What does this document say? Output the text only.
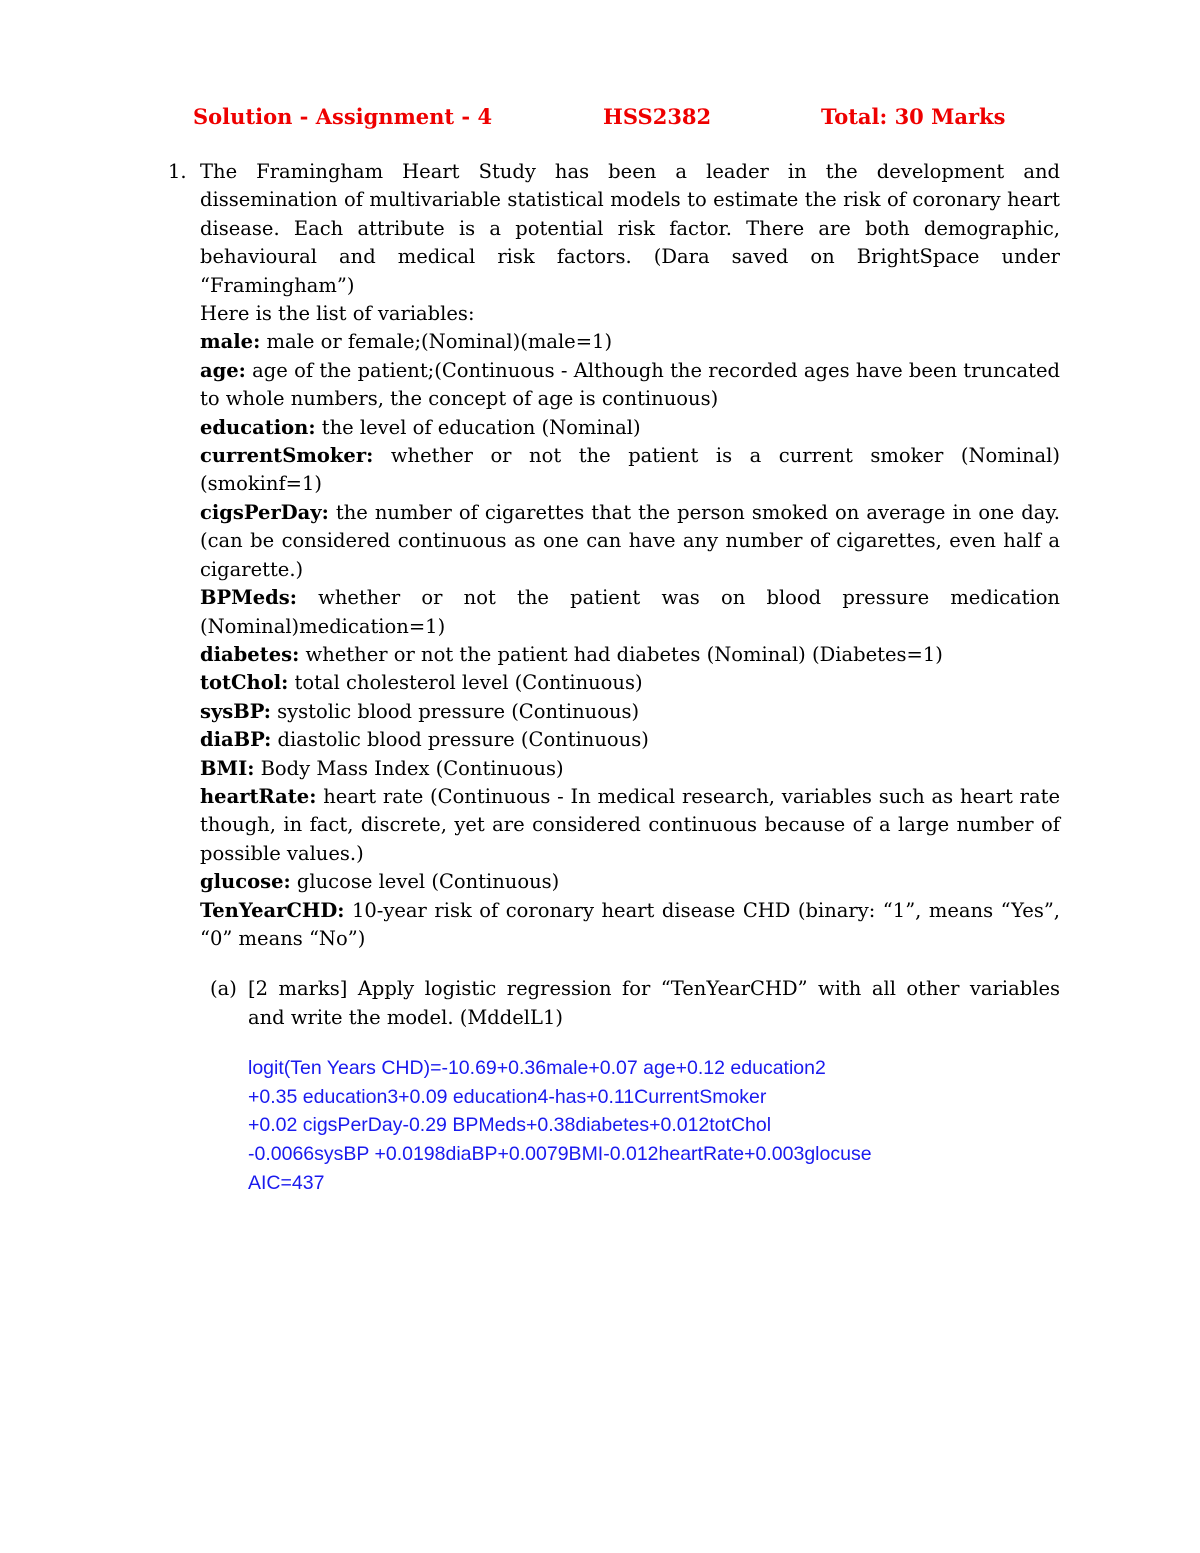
Solution - Assignment - 4	HSS2382	Total: 30 Marks
1. The Framingham Heart Study has been a leader in the development and dissemination of multivariable statistical models to estimate the risk of coronary heart disease. Each attribute is a potential risk factor. There are both demographic, behavioural and medical risk factors. (Dara saved on BrightSpace under “Framingham”)

Here is the list of variables:

male: male or female;(Nominal)(male=1)

age: age of the patient;(Continuous - Although the recorded ages have been truncated to whole numbers, the concept of age is continuous)

education: the level of education (Nominal)

currentSmoker: whether or not the patient is a current smoker (Nominal)(smokinf=1)

cigsPerDay: the number of cigarettes that the person smoked on average in one day.(can be considered continuous as one can have any number of cigarettes, even half a cigarette.)

BPMeds: whether or not the patient was on blood pressure medication (Nominal)medication=1)

diabetes: whether or not the patient had diabetes (Nominal) (Diabetes=1)

totChol: total cholesterol level (Continuous)

sysBP: systolic blood pressure (Continuous)

diaBP: diastolic blood pressure (Continuous)

BMI: Body Mass Index (Continuous)

heartRate: heart rate (Continuous - In medical research, variables such as heart rate though, in fact, discrete, yet are considered continuous because of a large number of possible values.)

glucose: glucose level (Continuous)

TenYearCHD: 10-year risk of coronary heart disease CHD (binary: “1”, means “Yes”, “0” means “No”)

(a) [2 marks] Apply logistic regression for “TenYearCHD” with all other variables and write the model. (MddelL1)
logit(Ten Years CHD)=-10.69+0.36male+0.07 age+0.12 education2
+0.35 education3+0.09 education4-has+0.11CurrentSmoker
+0.02 cigsPerDay-0.29 BPMeds+0.38diabetes+0.012totChol
-0.0066sysBP +0.0198diaBP+0.0079BMI-0.012heartRate+0.003glocuse
AIC=437
